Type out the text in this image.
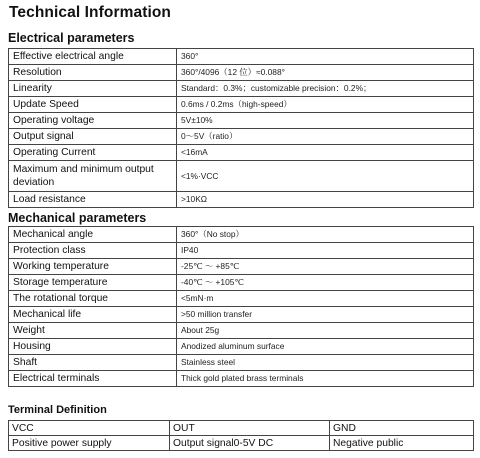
Technical Information
Electrical parameters
Effective electrical angle	360°
Resolution	360°/4096（12 位）≈0.088°
Linearity	Standard：0.3%；customizable precision：0.2%；
Update Speed	0.6ms / 0.2ms（high-speed）
Operating voltage	5V±10%
Output signal	0～5V（ratio）
Operating Current	<16mA
Maximum and minimum output deviation	<1%·VCC
Load resistance	>10KΩ
Mechanical parameters
Mechanical angle	360°（No stop）
Protection class	IP40
Working temperature	-25℃ ～ +85℃
Storage temperature	-40℃ ～ +105℃
The rotational torque	<5mN·m
Mechanical life	>50 million transfer
Weight	About 25g
Housing	Anodized aluminum surface
Shaft	Stainless steel
Electrical terminals	Thick gold plated brass terminals
Terminal Definition
VCC	OUT	GND
Positive power supply	Output signal0-5V DC	Negative public
